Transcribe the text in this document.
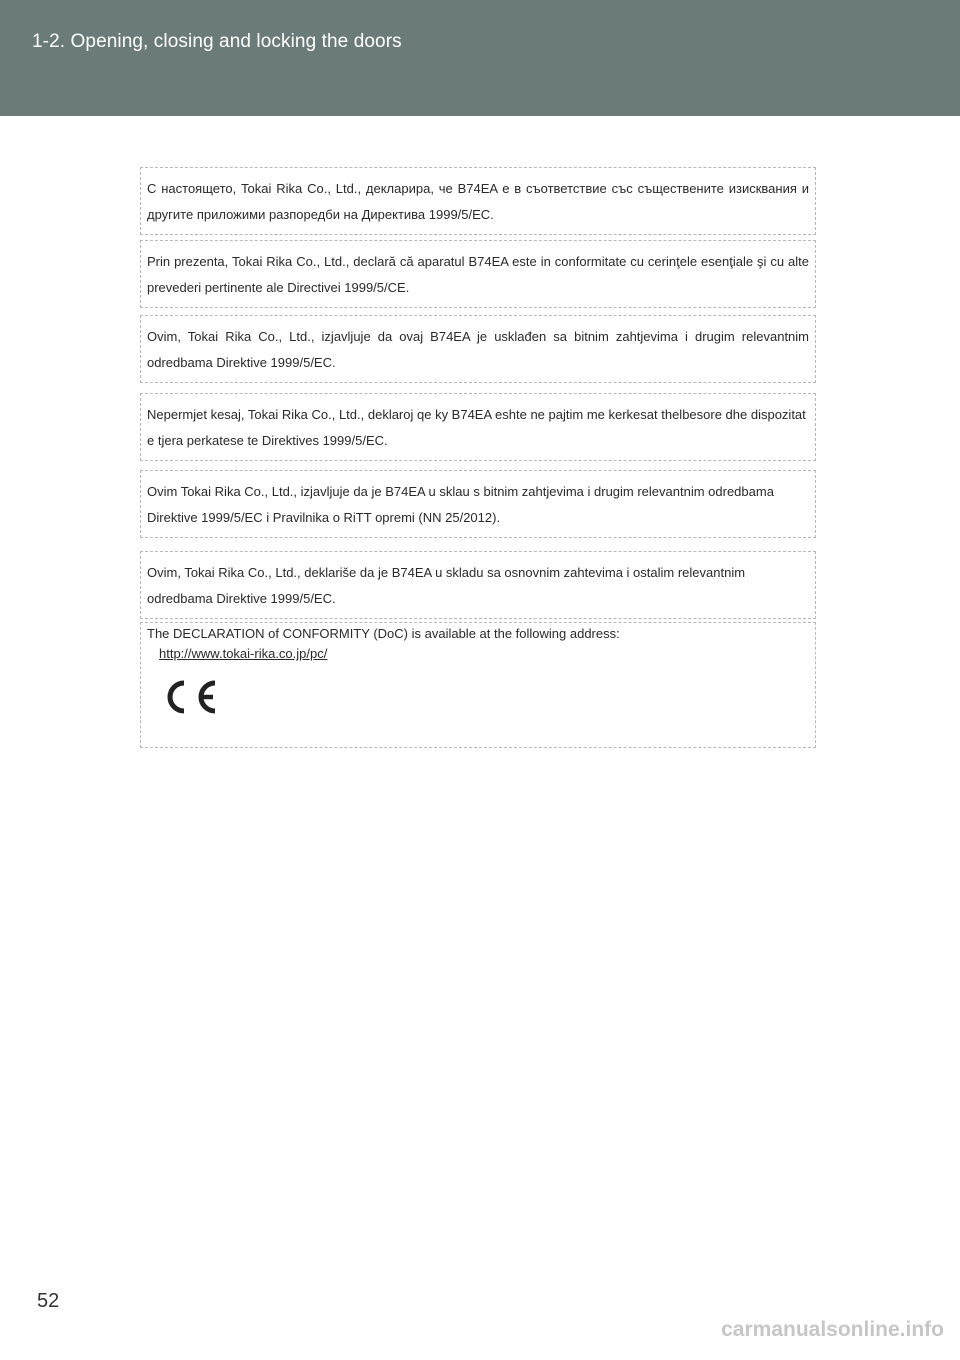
1-2. Opening, closing and locking the doors

С настоящето, Tokai Rika Co., Ltd., декларира, че B74EA е в съответствие със съществените изисквания и другите приложими разпоредби на Директива 1999/5/EC.

Prin prezenta, Tokai Rika Co., Ltd., declară că aparatul B74EA este in conformitate cu cerinţele esenţiale şi cu alte prevederi pertinente ale Directivei 1999/5/CE.

Ovim, Tokai Rika Co., Ltd., izjavljuje da ovaj B74EA je usklađen sa bitnim zahtjevima i drugim relevantnim odredbama Direktive 1999/5/EC.

Nepermjet kesaj, Tokai Rika Co., Ltd., deklaroj qe ky B74EA eshte ne pajtim me kerkesat thelbesore dhe dispozitat e tjera perkatese te Direktives 1999/5/EC.

Ovim Tokai Rika Co., Ltd., izjavljuje da je B74EA u sklau s bitnim zahtjevima i drugim relevantnim odredbama Direktive 1999/5/EC i Pravilnika o RiTT opremi (NN 25/2012).

Ovim, Tokai Rika Co., Ltd., deklariše da je B74EA u skladu sa osnovnim zahtevima i ostalim relevantnim odredbama Direktive 1999/5/EC.

The DECLARATION of CONFORMITY (DoC) is available at the following address:
http://www.tokai-rika.co.jp/pc/
52
carmanualsonline.info
